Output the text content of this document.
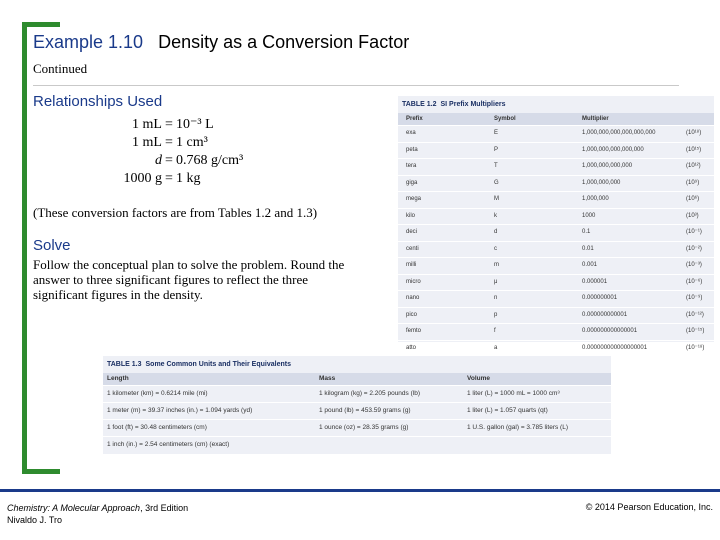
Example 1.10 Density as a Conversion Factor
Continued
Relationships Used
1 mL = 10⁻³ L
1 mL = 1 cm³
d = 0.768 g/cm³
1000 g = 1 kg
(These conversion factors are from Tables 1.2 and 1.3)
Solve
Follow the conceptual plan to solve the problem. Round the answer to three significant figures to reflect the three significant figures in the density.
TABLE 1.2 SI Prefix Multipliers
Prefix	Symbol	Multiplier
exa	E	1,000,000,000,000,000,000	(10¹⁸)
peta	P	1,000,000,000,000,000	(10¹⁵)
tera	T	1,000,000,000,000	(10¹²)
giga	G	1,000,000,000	(10⁹)
mega	M	1,000,000	(10⁶)
kilo	k	1000	(10³)
deci	d	0.1	(10⁻¹)
centi	c	0.01	(10⁻²)
milli	m	0.001	(10⁻³)
micro	μ	0.000001	(10⁻⁶)
nano	n	0.000000001	(10⁻⁹)
pico	p	0.000000000001	(10⁻¹²)
femto	f	0.000000000000001	(10⁻¹⁵)
atto	a	0.000000000000000001	(10⁻¹⁸)
TABLE 1.3 Some Common Units and Their Equivalents
Length	Mass	Volume
1 kilometer (km) = 0.6214 mile (mi)	1 kilogram (kg) = 2.205 pounds (lb)	1 liter (L) = 1000 mL = 1000 cm³
1 meter (m) = 39.37 inches (in.) = 1.094 yards (yd)	1 pound (lb) = 453.59 grams (g)	1 liter (L) = 1.057 quarts (qt)
1 foot (ft) = 30.48 centimeters (cm)	1 ounce (oz) = 28.35 grams (g)	1 U.S. gallon (gal) = 3.785 liters (L)
1 inch (in.) = 2.54 centimeters (cm) (exact)
Chemistry: A Molecular Approach, 3rd Edition
Nivaldo J. Tro
© 2014 Pearson Education, Inc.
